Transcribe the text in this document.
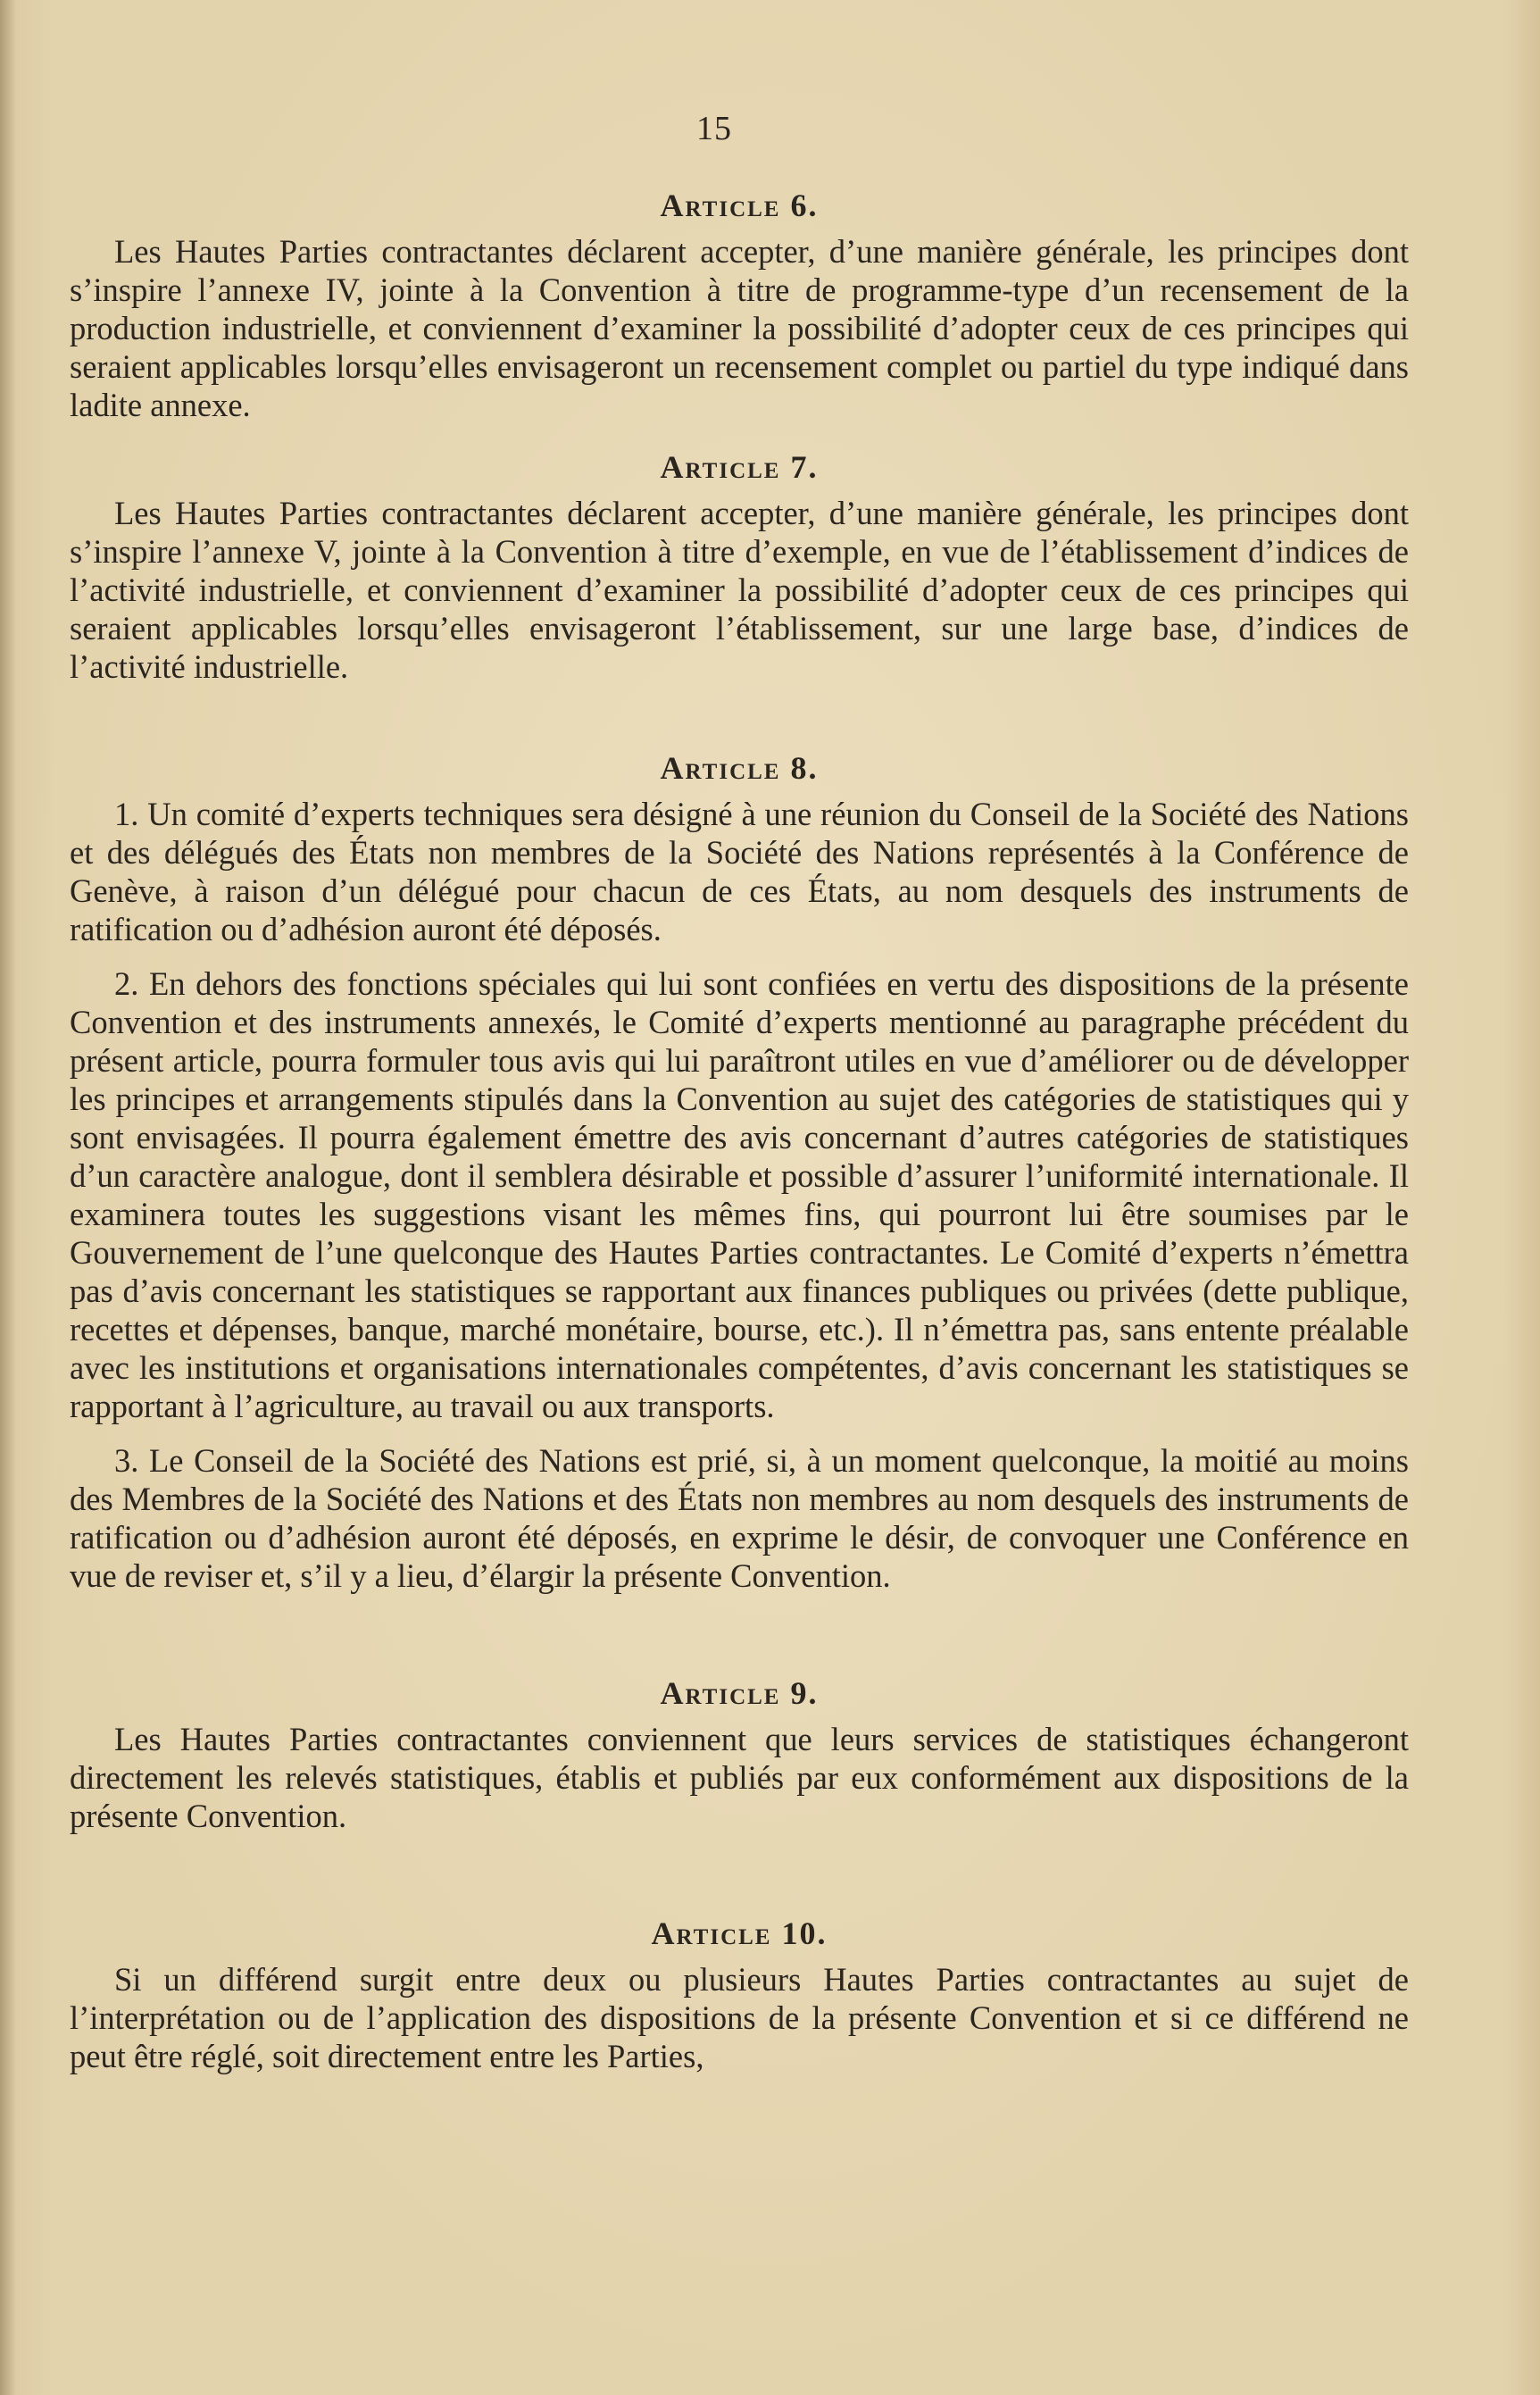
15
Article 6.

Les Hautes Parties contractantes déclarent accepter, d’une manière générale, les principes dont s’inspire l’annexe IV, jointe à la Convention à titre de programme-type d’un recensement de la production industrielle, et conviennent d’examiner la possibilité d’adopter ceux de ces principes qui seraient applicables lorsqu’elles envisageront un recensement complet ou partiel du type indiqué dans ladite annexe.

Article 7.

Les Hautes Parties contractantes déclarent accepter, d’une manière générale, les principes dont s’inspire l’annexe V, jointe à la Convention à titre d’exemple, en vue de l’établissement d’indices de l’activité industrielle, et conviennent d’examiner la possibilité d’adopter ceux de ces principes qui seraient applicables lorsqu’elles envisageront l’établissement, sur une large base, d’indices de l’activité industrielle.

Article 8.

1. Un comité d’experts techniques sera désigné à une réunion du Conseil de la Société des Nations et des délégués des États non membres de la Société des Nations représentés à la Conférence de Genève, à raison d’un délégué pour chacun de ces États, au nom desquels des instruments de ratification ou d’adhésion auront été déposés.

2. En dehors des fonctions spéciales qui lui sont confiées en vertu des dispositions de la présente Convention et des instruments annexés, le Comité d’experts mentionné au paragraphe précédent du présent article, pourra formuler tous avis qui lui paraîtront utiles en vue d’améliorer ou de développer les principes et arrangements stipulés dans la Convention au sujet des catégories de statistiques qui y sont envisagées. Il pourra également émettre des avis concernant d’autres catégories de statistiques d’un caractère analogue, dont il semblera désirable et possible d’assurer l’uniformité internationale. Il examinera toutes les suggestions visant les mêmes fins, qui pourront lui être soumises par le Gouvernement de l’une quelconque des Hautes Parties contractantes. Le Comité d’experts n’émettra pas d’avis concernant les statistiques se rapportant aux finances publiques ou privées (dette publique, recettes et dépenses, banque, marché monétaire, bourse, etc.). Il n’émettra pas, sans entente préalable avec les institutions et organisations internationales compétentes, d’avis concernant les statistiques se rapportant à l’agriculture, au travail ou aux transports.

3. Le Conseil de la Société des Nations est prié, si, à un moment quelconque, la moitié au moins des Membres de la Société des Nations et des États non membres au nom desquels des instruments de ratification ou d’adhésion auront été déposés, en exprime le désir, de convoquer une Conférence en vue de reviser et, s’il y a lieu, d’élargir la présente Convention.

Article 9.

Les Hautes Parties contractantes conviennent que leurs services de statistiques échangeront directement les relevés statistiques, établis et publiés par eux conformément aux dispositions de la présente Convention.

Article 10.

Si un différend surgit entre deux ou plusieurs Hautes Parties contractantes au sujet de l’interprétation ou de l’application des dispositions de la présente Convention et si ce différend ne peut être réglé, soit directement entre les Parties,
